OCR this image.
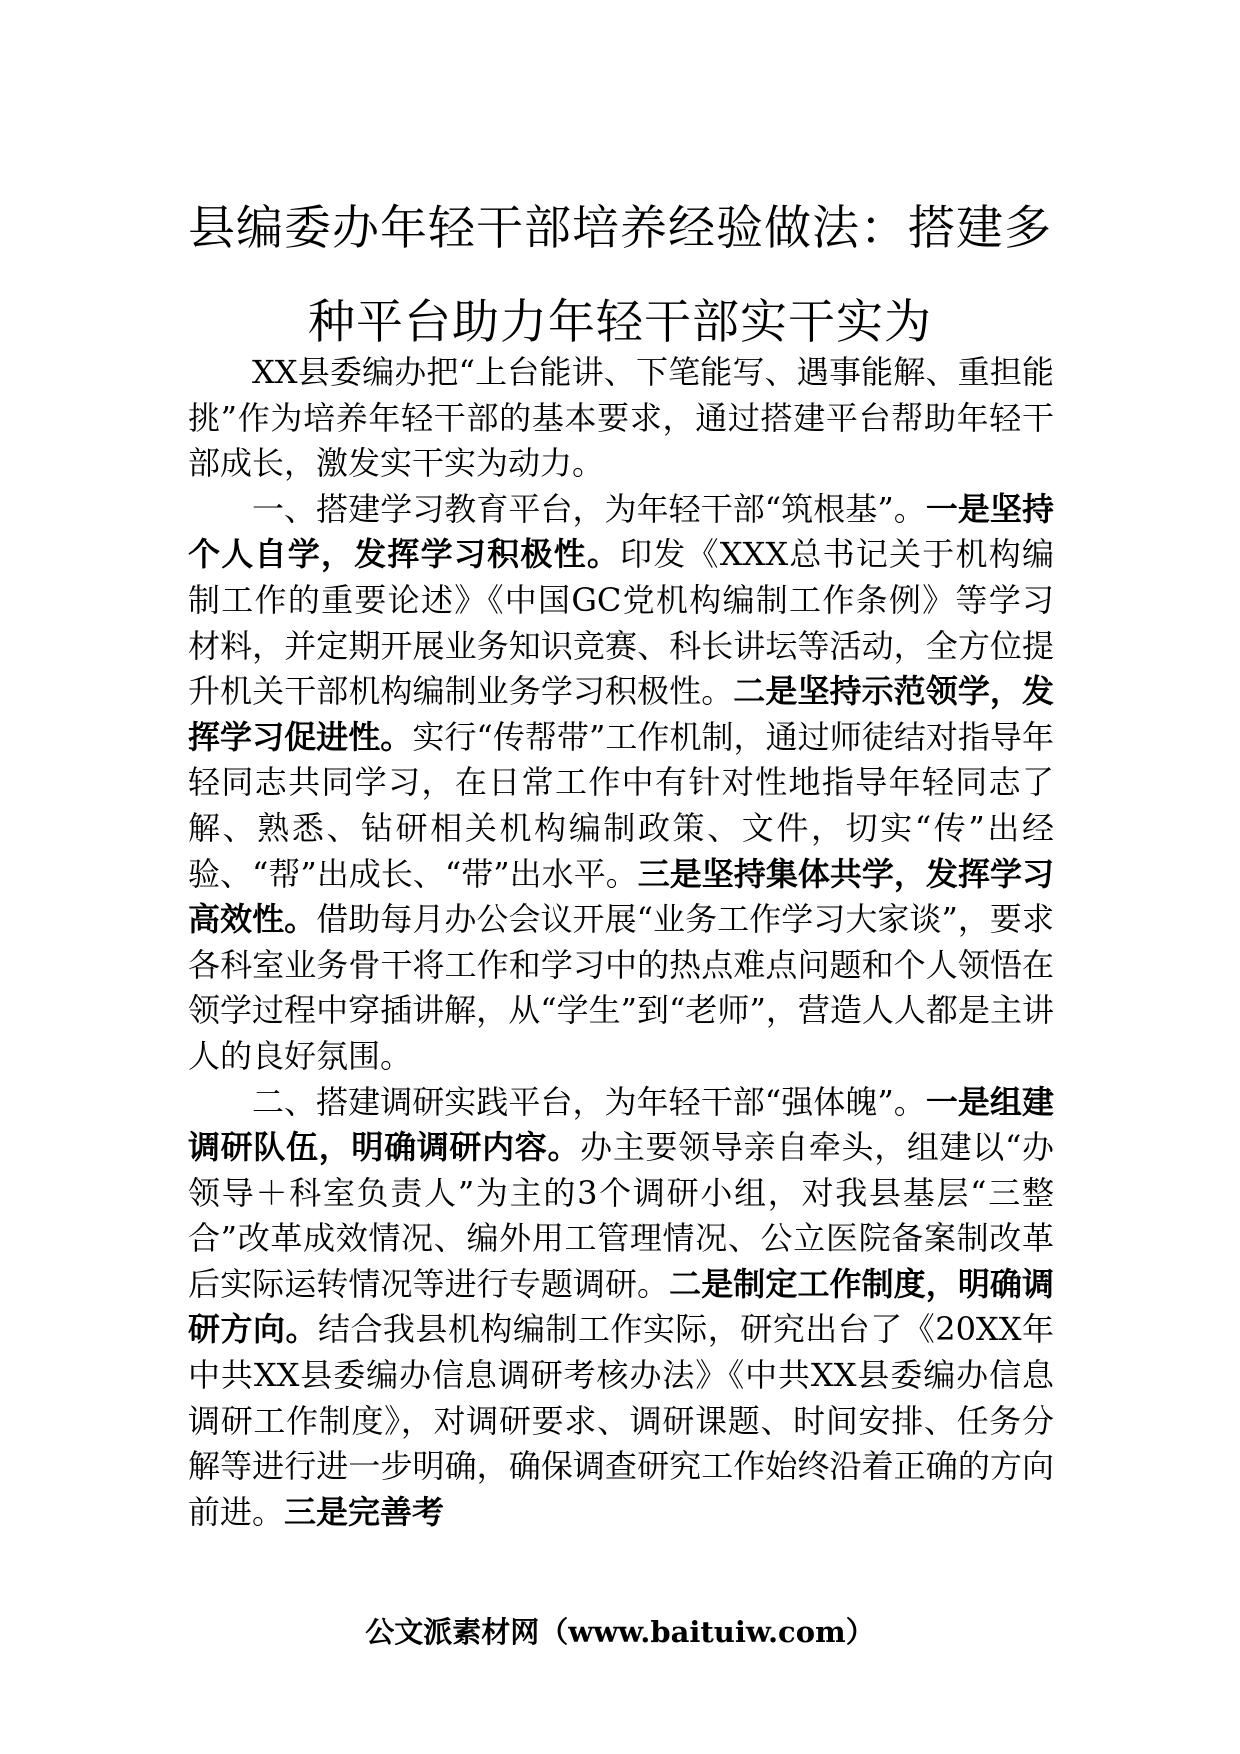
县编委办年轻干部培养经验做法：搭建多种平台助力年轻干部实干实为

XX县委编办把“上台能讲、下笔能写、遇事能解、重担能挑”作为培养年轻干部的基本要求，通过搭建平台帮助年轻干部成长，激发实干实为动力。

一、搭建学习教育平台，为年轻干部“筑根基”。一是坚持个人自学，发挥学习积极性。印发《XXX总书记关于机构编制工作的重要论述》《中国GC党机构编制工作条例》等学习材料，并定期开展业务知识竞赛、科长讲坛等活动，全方位提升机关干部机构编制业务学习积极性。二是坚持示范领学，发挥学习促进性。实行“传帮带”工作机制，通过师徒结对指导年轻同志共同学习，在日常工作中有针对性地指导年轻同志了解、熟悉、钻研相关机构编制政策、文件，切实“传”出经验、“帮”出成长、“带”出水平。三是坚持集体共学，发挥学习高效性。借助每月办公会议开展“业务工作学习大家谈”，要求各科室业务骨干将工作和学习中的热点难点问题和个人领悟在领学过程中穿插讲解，从“学生”到“老师”，营造人人都是主讲人的良好氛围。

二、搭建调研实践平台，为年轻干部“强体魄”。一是组建调研队伍，明确调研内容。办主要领导亲自牵头，组建以“办领导＋科室负责人”为主的3个调研小组，对我县基层“三整合”改革成效情况、编外用工管理情况、公立医院备案制改革后实际运转情况等进行专题调研。二是制定工作制度，明确调研方向。结合我县机构编制工作实际，研究出台了《20XX年中共XX县委编办信息调研考核办法》《中共XX县委编办信息调研工作制度》，对调研要求、调研课题、时间安排、任务分解等进行进一步明确，确保调查研究工作始终沿着正确的方向前进。三是完善考

公文派素材网（www.baituiw.com）
